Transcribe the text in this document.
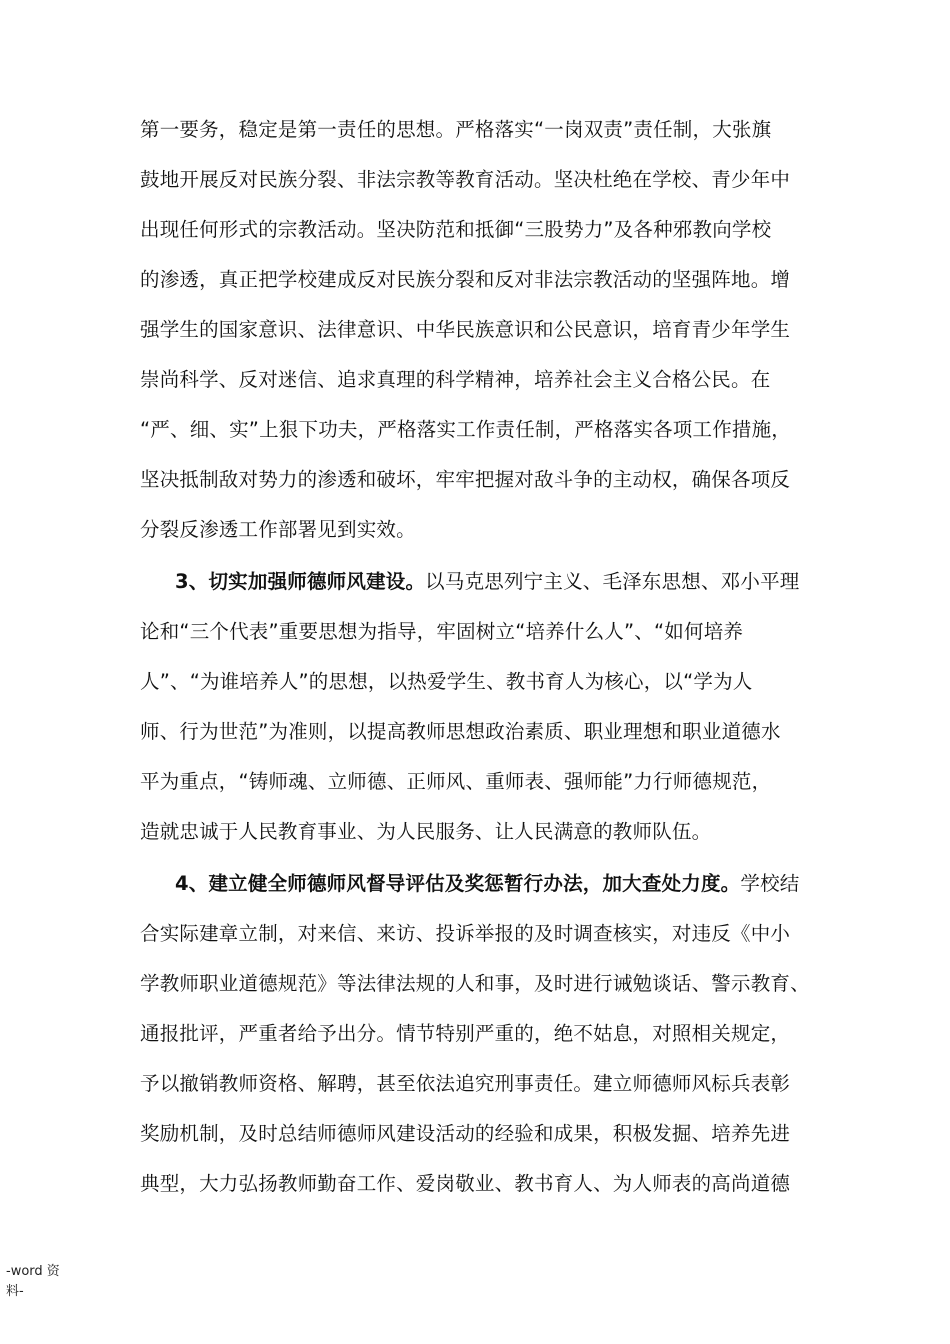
第一要务，稳定是第一责任的思想。严格落实“一岗双责”责任制，大张旗
鼓地开展反对民族分裂、非法宗教等教育活动。坚决杜绝在学校、青少年中
出现任何形式的宗教活动。坚决防范和抵御“三股势力”及各种邪教向学校
的渗透，真正把学校建成反对民族分裂和反对非法宗教活动的坚强阵地。增
强学生的国家意识、法律意识、中华民族意识和公民意识，培育青少年学生
崇尚科学、反对迷信、追求真理的科学精神，培养社会主义合格公民。在
“严、细、实”上狠下功夫，严格落实工作责任制，严格落实各项工作措施，
坚决抵制敌对势力的渗透和破坏，牢牢把握对敌斗争的主动权，确保各项反
分裂反渗透工作部署见到实效。
3、切实加强师德师风建设。以马克思列宁主义、毛泽东思想、邓小平理
论和“三个代表”重要思想为指导，牢固树立“培养什么人”、“如何培养
人”、“为谁培养人”的思想，以热爱学生、教书育人为核心，以“学为人
师、行为世范”为准则，以提高教师思想政治素质、职业理想和职业道德水
平为重点，“铸师魂、立师德、正师风、重师表、强师能”力行师德规范，
造就忠诚于人民教育事业、为人民服务、让人民满意的教师队伍。
4、建立健全师德师风督导评估及奖惩暂行办法，加大查处力度。学校结
合实际建章立制，对来信、来访、投诉举报的及时调查核实，对违反《中小
学教师职业道德规范》等法律法规的人和事，及时进行诫勉谈话、警示教育、
通报批评，严重者给予出分。情节特别严重的，绝不姑息，对照相关规定，
予以撤销教师资格、解聘，甚至依法追究刑事责任。建立师德师风标兵表彰
奖励机制，及时总结师德师风建设活动的经验和成果，积极发掘、培养先进
典型，大力弘扬教师勤奋工作、爱岗敬业、教书育人、为人师表的高尚道德
-word 资料-
